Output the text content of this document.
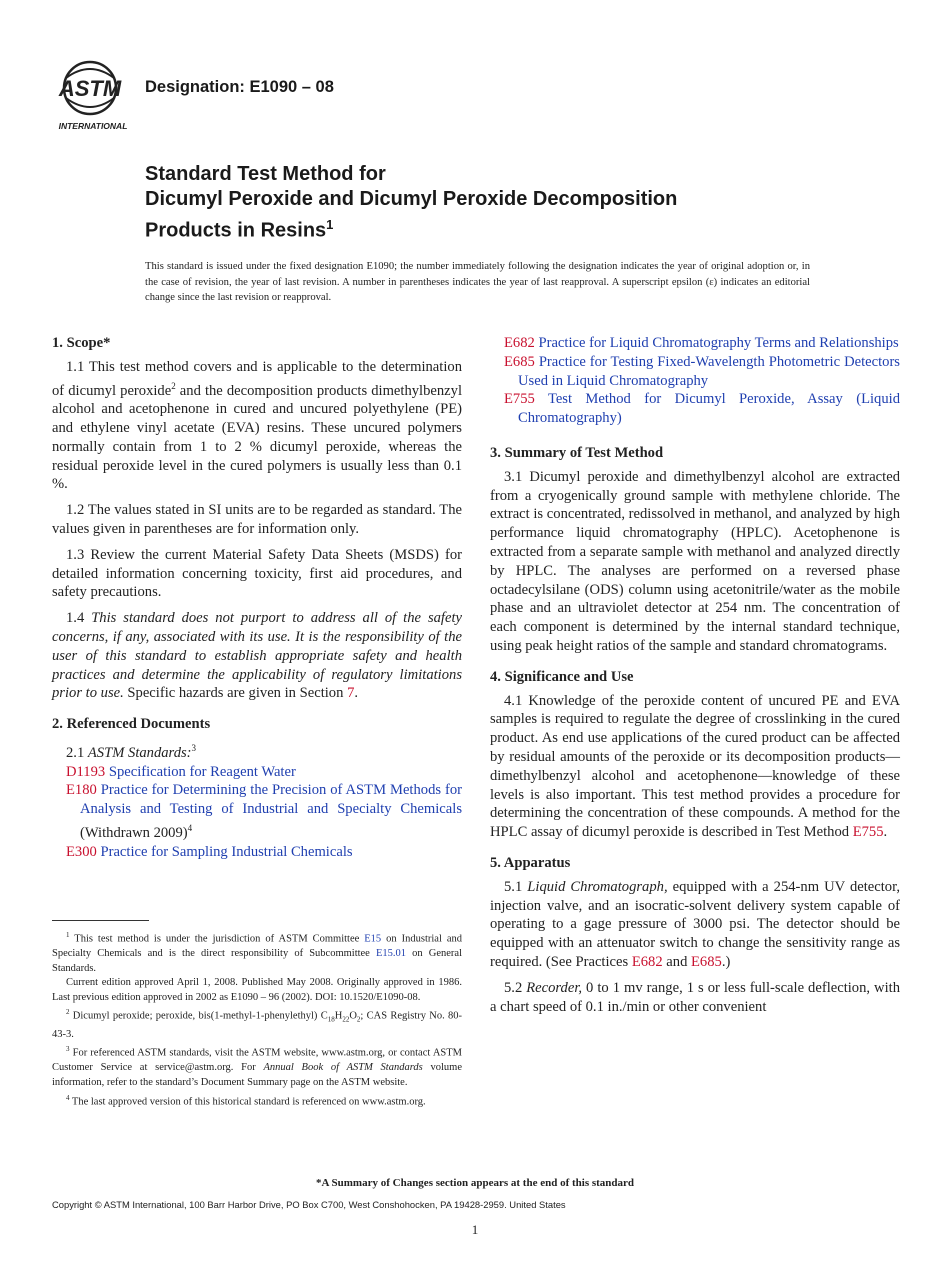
ASTM
INTERNATIONAL
Designation: E1090 – 08
Standard Test Method for
Dicumyl Peroxide and Dicumyl Peroxide Decomposition
Products in Resins$^1$
This standard is issued under the fixed designation E1090; the number immediately following the designation indicates the year of original adoption or, in the case of revision, the year of last revision. A number in parentheses indicates the year of last reapproval. A superscript epsilon (ε) indicates an editorial change since the last revision or reapproval.
1. Scope*

1.1 This test method covers and is applicable to the determination of dicumyl peroxide$^2$ and the decomposition products dimethylbenzyl alcohol and acetophenone in cured and uncured polyethylene (PE) and ethylene vinyl acetate (EVA) resins. These uncured polymers normally contain from 1 to 2 % dicumyl peroxide, whereas the residual peroxide level in the cured polymers is usually less than 0.1 %.

1.2 The values stated in SI units are to be regarded as standard. The values given in parentheses are for information only.

1.3 Review the current Material Safety Data Sheets (MSDS) for detailed information concerning toxicity, first aid procedures, and safety precautions.

1.4 This standard does not purport to address all of the safety concerns, if any, associated with its use. It is the responsibility of the user of this standard to establish appropriate safety and health practices and determine the applicability of regulatory limitations prior to use. Specific hazards are given in Section 7.

2. Referenced Documents

2.1 ASTM Standards:$^3$

D1193 Specification for Reagent Water

E180 Practice for Determining the Precision of ASTM Methods for Analysis and Testing of Industrial and Specialty Chemicals (Withdrawn 2009)$^4$

E300 Practice for Sampling Industrial Chemicals

$^1$ This test method is under the jurisdiction of ASTM Committee E15 on Industrial and Specialty Chemicals and is the direct responsibility of Subcommittee E15.01 on General Standards.

Current edition approved April 1, 2008. Published May 2008. Originally approved in 1986. Last previous edition approved in 2002 as E1090 – 96 (2002). DOI: 10.1520/E1090-08.

$^2$ Dicumyl peroxide; peroxide, bis(1-methyl-1-phenylethyl) $C_{18}H_{22}O_2$; CAS Registry No. 80-43-3.

$^3$ For referenced ASTM standards, visit the ASTM website, www.astm.org, or contact ASTM Customer Service at service@astm.org. For Annual Book of ASTM Standards volume information, refer to the standard’s Document Summary page on the ASTM website.

$^4$ The last approved version of this historical standard is referenced on www.astm.org.

E682 Practice for Liquid Chromatography Terms and Relationships

E685 Practice for Testing Fixed-Wavelength Photometric Detectors Used in Liquid Chromatography

E755 Test Method for Dicumyl Peroxide, Assay (Liquid Chromatography)

3. Summary of Test Method

3.1 Dicumyl peroxide and dimethylbenzyl alcohol are extracted from a cryogenically ground sample with methylene chloride. The extract is concentrated, redissolved in methanol, and analyzed by high performance liquid chromatography (HPLC). Acetophenone is extracted from a separate sample with methanol and analyzed directly by HPLC. The analyses are performed on a reversed phase octadecylsilane (ODS) column using acetonitrile/water as the mobile phase and an ultraviolet detector at 254 nm. The concentration of each component is determined by the internal standard technique, using peak height ratios of the sample and standard chromatograms.

4. Significance and Use

4.1 Knowledge of the peroxide content of uncured PE and EVA samples is required to regulate the degree of crosslinking in the cured product. As end use applications of the cured product can be affected by residual amounts of the peroxide or its decomposition products—dimethylbenzyl alcohol and acetophenone—knowledge of these levels is also important. This test method provides a procedure for determining the concentration of these compounds. A method for the HPLC assay of dicumyl peroxide is described in Test Method E755.

5. Apparatus

5.1 Liquid Chromatograph, equipped with a 254-nm UV detector, injection valve, and an isocratic-solvent delivery system capable of operating to a gage pressure of 3000 psi. The detector should be equipped with an attenuator switch to change the sensitivity range as required. (See Practices E682 and E685.)

5.2 Recorder, 0 to 1 mv range, 1 s or less full-scale deflection, with a chart speed of 0.1 in./min or other convenient

*A Summary of Changes section appears at the end of this standard
Copyright © ASTM International, 100 Barr Harbor Drive, PO Box C700, West Conshohocken, PA 19428-2959. United States
1
